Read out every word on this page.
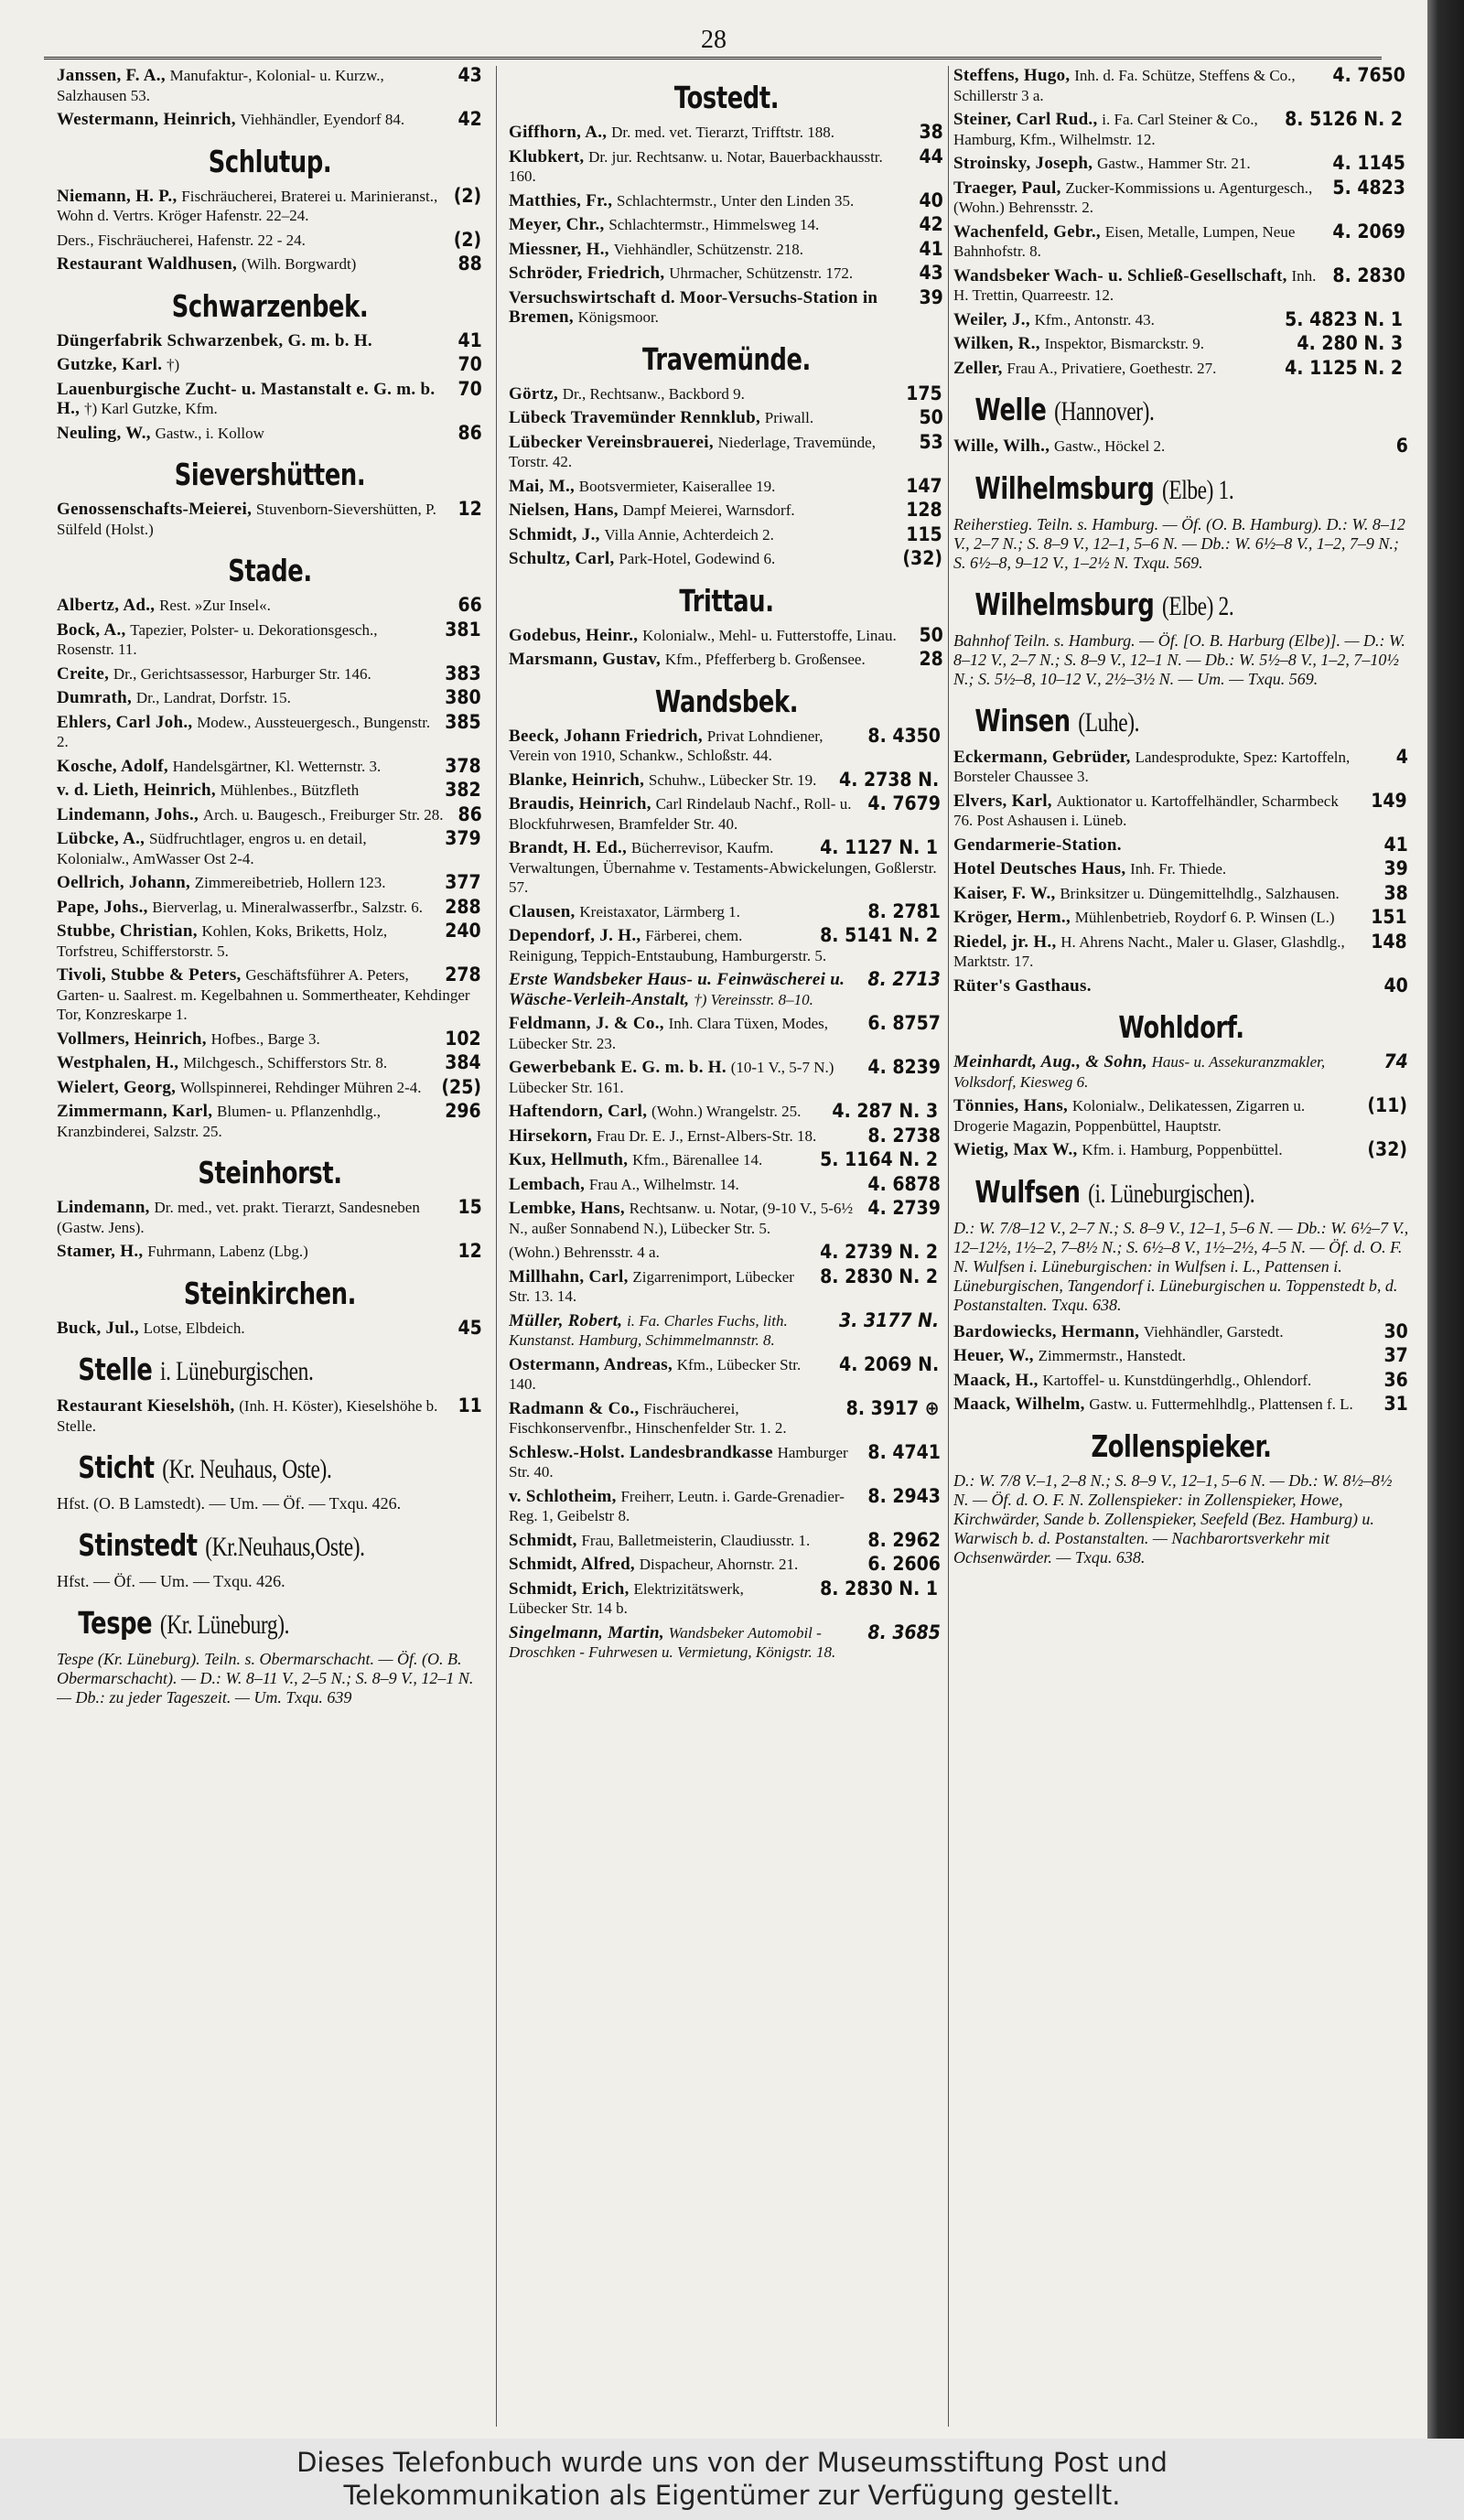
28
43
Janssen, F. A., Manufaktur-, Kolonial- u. Kurzw., Salzhausen 53.
42
Westermann, Heinrich, Viehhändler, Eyendorf 84.
Schlutup.
(2)
Niemann, H. P., Fischräucherei, Braterei u. Marinieranst., Wohn d. Vertrs. Kröger Hafenstr. 22–24.
(2)
Ders., Fischräucherei, Hafenstr. 22 - 24.
88
Restaurant Waldhusen, (Wilh. Borgwardt)
Schwarzenbek.
41
Düngerfabrik Schwarzenbek, G. m. b. H.
70
Gutzke, Karl. †)
70
Lauenburgische Zucht- u. Mastanstalt e. G. m. b. H., †) Karl Gutzke, Kfm.
86
Neuling, W., Gastw., i. Kollow
Sievershütten.
12
Genossenschafts-Meierei, Stuvenborn-Sievershütten, P. Sülfeld (Holst.)
Stade.
66
Albertz, Ad., Rest. »Zur Insel«.
381
Bock, A., Tapezier, Polster- u. Dekorationsgesch., Rosenstr. 11.
383
Creite, Dr., Gerichtsassessor, Harburger Str. 146.
380
Dumrath, Dr., Landrat, Dorfstr. 15.
385
Ehlers, Carl Joh., Modew., Aussteuergesch., Bungenstr. 2.
378
Kosche, Adolf, Handelsgärtner, Kl. Wetternstr. 3.
382
v. d. Lieth, Heinrich, Mühlenbes., Bützfleth
86
Lindemann, Johs., Arch. u. Baugesch., Freiburger Str. 28.
379
Lübcke, A., Südfruchtlager, engros u. en detail, Kolonialw., AmWasser Ost 2-4.
377
Oellrich, Johann, Zimmereibetrieb, Hollern 123.
288
Pape, Johs., Bierverlag, u. Mineralwasserfbr., Salzstr. 6.
240
Stubbe, Christian, Kohlen, Koks, Briketts, Holz, Torfstreu, Schifferstorstr. 5.
278
Tivoli, Stubbe & Peters, Geschäftsführer A. Peters, Garten- u. Saalrest. m. Kegelbahnen u. Sommertheater, Kehdinger Tor, Konzreskarpe 1.
102
Vollmers, Heinrich, Hofbes., Barge 3.
384
Westphalen, H., Milchgesch., Schifferstors Str. 8.
(25)
Wielert, Georg, Wollspinnerei, Rehdinger Mühren 2-4.
296
Zimmermann, Karl, Blumen- u. Pflanzenhdlg., Kranzbinderei, Salzstr. 25.
Steinhorst.
15
Lindemann, Dr. med., vet. prakt. Tierarzt, Sandesneben (Gastw. Jens).
12
Stamer, H., Fuhrmann, Labenz (Lbg.)
Steinkirchen.
45
Buck, Jul., Lotse, Elbdeich.
Stelle i. Lüneburgischen.
11
Restaurant Kieselshöh, (Inh. H. Köster), Kieselshöhe b. Stelle.
Sticht (Kr. Neuhaus, Oste).
Hfst. (O. B Lamstedt). — Um. — Öf. — Txqu. 426.
Stinstedt (Kr.Neuhaus,Oste).
Hfst. — Öf. — Um. — Txqu. 426.
Tespe (Kr. Lüneburg).
Tespe (Kr. Lüneburg). Teiln. s. Obermarschacht. — Öf. (O. B. Obermarschacht). — D.: W. 8–11 V., 2–5 N.; S. 8–9 V., 12–1 N. — Db.: zu jeder Tageszeit. — Um. Txqu. 639
Tostedt.
38
Giffhorn, A., Dr. med. vet. Tierarzt, Trifftstr. 188.
44
Klubkert, Dr. jur. Rechtsanw. u. Notar, Bauerbackhausstr. 160.
40
Matthies, Fr., Schlachtermstr., Unter den Linden 35.
42
Meyer, Chr., Schlachtermstr., Himmelsweg 14.
41
Miessner, H., Viehhändler, Schützenstr. 218.
43
Schröder, Friedrich, Uhrmacher, Schützenstr. 172.
39
Versuchswirtschaft d. Moor-Versuchs-Station in Bremen, Königsmoor.
Travemünde.
175
Görtz, Dr., Rechtsanw., Backbord 9.
50
Lübeck Travemünder Rennklub, Priwall.
53
Lübecker Vereinsbrauerei, Niederlage, Travemünde, Torstr. 42.
147
Mai, M., Bootsvermieter, Kaiserallee 19.
128
Nielsen, Hans, Dampf Meierei, Warnsdorf.
115
Schmidt, J., Villa Annie, Achterdeich 2.
(32)
Schultz, Carl, Park-Hotel, Godewind 6.
Trittau.
50
Godebus, Heinr., Kolonialw., Mehl- u. Futterstoffe, Linau.
28
Marsmann, Gustav, Kfm., Pfefferberg b. Großensee.
Wandsbek.
8. 4350
Beeck, Johann Friedrich, Privat Lohndiener, Verein von 1910, Schankw., Schloßstr. 44.
4. 2738 N.
Blanke, Heinrich, Schuhw., Lübecker Str. 19.
4. 7679
Braudis, Heinrich, Carl Rindelaub Nachf., Roll- u. Blockfuhrwesen, Bramfelder Str. 40.
4. 1127 N. 1
Brandt, H. Ed., Bücherrevisor, Kaufm. Verwaltungen, Übernahme v. Testaments-Abwickelungen, Goßlerstr. 57.
8. 2781
Clausen, Kreistaxator, Lärmberg 1.
8. 5141 N. 2
Dependorf, J. H., Färberei, chem. Reinigung, Teppich-Entstaubung, Hamburgerstr. 5.
8. 2713
Erste Wandsbeker Haus- u. Feinwäscherei u. Wäsche-Verleih-Anstalt, †) Vereinsstr. 8–10.
6. 8757
Feldmann, J. & Co., Inh. Clara Tüxen, Modes, Lübecker Str. 23.
4. 8239
Gewerbebank E. G. m. b. H. (10-1 V., 5-7 N.) Lübecker Str. 161.
4. 287 N. 3
Haftendorn, Carl, (Wohn.) Wrangelstr. 25.
8. 2738
Hirsekorn, Frau Dr. E. J., Ernst-Albers-Str. 18.
5. 1164 N. 2
Kux, Hellmuth, Kfm., Bärenallee 14.
4. 6878
Lembach, Frau A., Wilhelmstr. 14.
4. 2739
Lembke, Hans, Rechtsanw. u. Notar, (9-10 V., 5-6½ N., außer Sonnabend N.), Lübecker Str. 5.
4. 2739 N. 2
(Wohn.) Behrensstr. 4 a.
8. 2830 N. 2
Millhahn, Carl, Zigarrenimport, Lübecker Str. 13. 14.
3. 3177 N.
Müller, Robert, i. Fa. Charles Fuchs, lith. Kunstanst. Hamburg, Schimmelmannstr. 8.
4. 2069 N.
Ostermann, Andreas, Kfm., Lübecker Str. 140.
8. 3917 ⊕
Radmann & Co., Fischräucherei, Fischkonservenfbr., Hinschenfelder Str. 1. 2.
8. 4741
Schlesw.-Holst. Landesbrandkasse Hamburger Str. 40.
8. 2943
v. Schlotheim, Freiherr, Leutn. i. Garde-Grenadier-Reg. 1, Geibelstr 8.
8. 2962
Schmidt, Frau, Balletmeisterin, Claudiusstr. 1.
6. 2606
Schmidt, Alfred, Dispacheur, Ahornstr. 21.
8. 2830 N. 1
Schmidt, Erich, Elektrizitätswerk, Lübecker Str. 14 b.
8. 3685
Singelmann, Martin, Wandsbeker Automobil - Droschken - Fuhrwesen u. Vermietung, Königstr. 18.
4. 7650
Steffens, Hugo, Inh. d. Fa. Schütze, Steffens & Co., Schillerstr 3 a.
8. 5126 N. 2
Steiner, Carl Rud., i. Fa. Carl Steiner & Co., Hamburg, Kfm., Wilhelmstr. 12.
4. 1145
Stroinsky, Joseph, Gastw., Hammer Str. 21.
5. 4823
Traeger, Paul, Zucker-Kommissions u. Agenturgesch., (Wohn.) Behrensstr. 2.
4. 2069
Wachenfeld, Gebr., Eisen, Metalle, Lumpen, Neue Bahnhofstr. 8.
8. 2830
Wandsbeker Wach- u. Schließ-Gesellschaft, Inh. H. Trettin, Quarreestr. 12.
5. 4823 N. 1
Weiler, J., Kfm., Antonstr. 43.
4. 280 N. 3
Wilken, R., Inspektor, Bismarckstr. 9.
4. 1125 N. 2
Zeller, Frau A., Privatiere, Goethestr. 27.
Welle (Hannover).
6
Wille, Wilh., Gastw., Höckel 2.
Wilhelmsburg (Elbe) 1.
Reiherstieg. Teiln. s. Hamburg. — Öf. (O. B. Hamburg). D.: W. 8–12 V., 2–7 N.; S. 8–9 V., 12–1, 5–6 N. — Db.: W. 6½–8 V., 1–2, 7–9 N.; S. 6½–8, 9–12 V., 1–2½ N. Txqu. 569.
Wilhelmsburg (Elbe) 2.
Bahnhof Teiln. s. Hamburg. — Öf. [O. B. Harburg (Elbe)]. — D.: W. 8–12 V., 2–7 N.; S. 8–9 V., 12–1 N. — Db.: W. 5½–8 V., 1–2, 7–10½ N.; S. 5½–8, 10–12 V., 2½–3½ N. — Um. — Txqu. 569.
Winsen (Luhe).
4
Eckermann, Gebrüder, Landesprodukte, Spez: Kartoffeln, Borsteler Chaussee 3.
149
Elvers, Karl, Auktionator u. Kartoffelhändler, Scharmbeck 76. Post Ashausen i. Lüneb.
41
Gendarmerie-Station.
39
Hotel Deutsches Haus, Inh. Fr. Thiede.
38
Kaiser, F. W., Brinksitzer u. Düngemittelhdlg., Salzhausen.
151
Kröger, Herm., Mühlenbetrieb, Roydorf 6. P. Winsen (L.)
148
Riedel, jr. H., H. Ahrens Nacht., Maler u. Glaser, Glashdlg., Marktstr. 17.
40
Rüter's Gasthaus.
Wohldorf.
74
Meinhardt, Aug., & Sohn, Haus- u. Assekuranzmakler, Volksdorf, Kiesweg 6.
(11)
Tönnies, Hans, Kolonialw., Delikatessen, Zigarren u. Drogerie Magazin, Poppenbüttel, Hauptstr.
(32)
Wietig, Max W., Kfm. i. Hamburg, Poppenbüttel.
Wulfsen (i. Lüneburgischen).
D.: W. 7/8–12 V., 2–7 N.; S. 8–9 V., 12–1, 5–6 N. — Db.: W. 6½–7 V., 12–12½, 1½–2, 7–8½ N.; S. 6½–8 V., 1½–2½, 4–5 N. — Öf. d. O. F. N. Wulfsen i. Lüneburgischen: in Wulfsen i. L., Pattensen i. Lüneburgischen, Tangendorf i. Lüneburgischen u. Toppenstedt b, d. Postanstalten. Txqu. 638.
30
Bardowiecks, Hermann, Viehhändler, Garstedt.
37
Heuer, W., Zimmermstr., Hanstedt.
36
Maack, H., Kartoffel- u. Kunstdüngerhdlg., Ohlendorf.
31
Maack, Wilhelm, Gastw. u. Futtermehlhdlg., Plattensen f. L.
Zollenspieker.
D.: W. 7/8 V.–1, 2–8 N.; S. 8–9 V., 12–1, 5–6 N. — Db.: W. 8½–8½ N. — Öf. d. O. F. N. Zollenspieker: in Zollenspieker, Howe, Kirchwärder, Sande b. Zollenspieker, Seefeld (Bez. Hamburg) u. Warwisch b. d. Postanstalten. — Nachbarortsverkehr mit Ochsenwärder. — Txqu. 638.
Dieses Telefonbuch wurde uns von der Museumsstiftung Post und
Telekommunikation als Eigentümer zur Verfügung gestellt.
